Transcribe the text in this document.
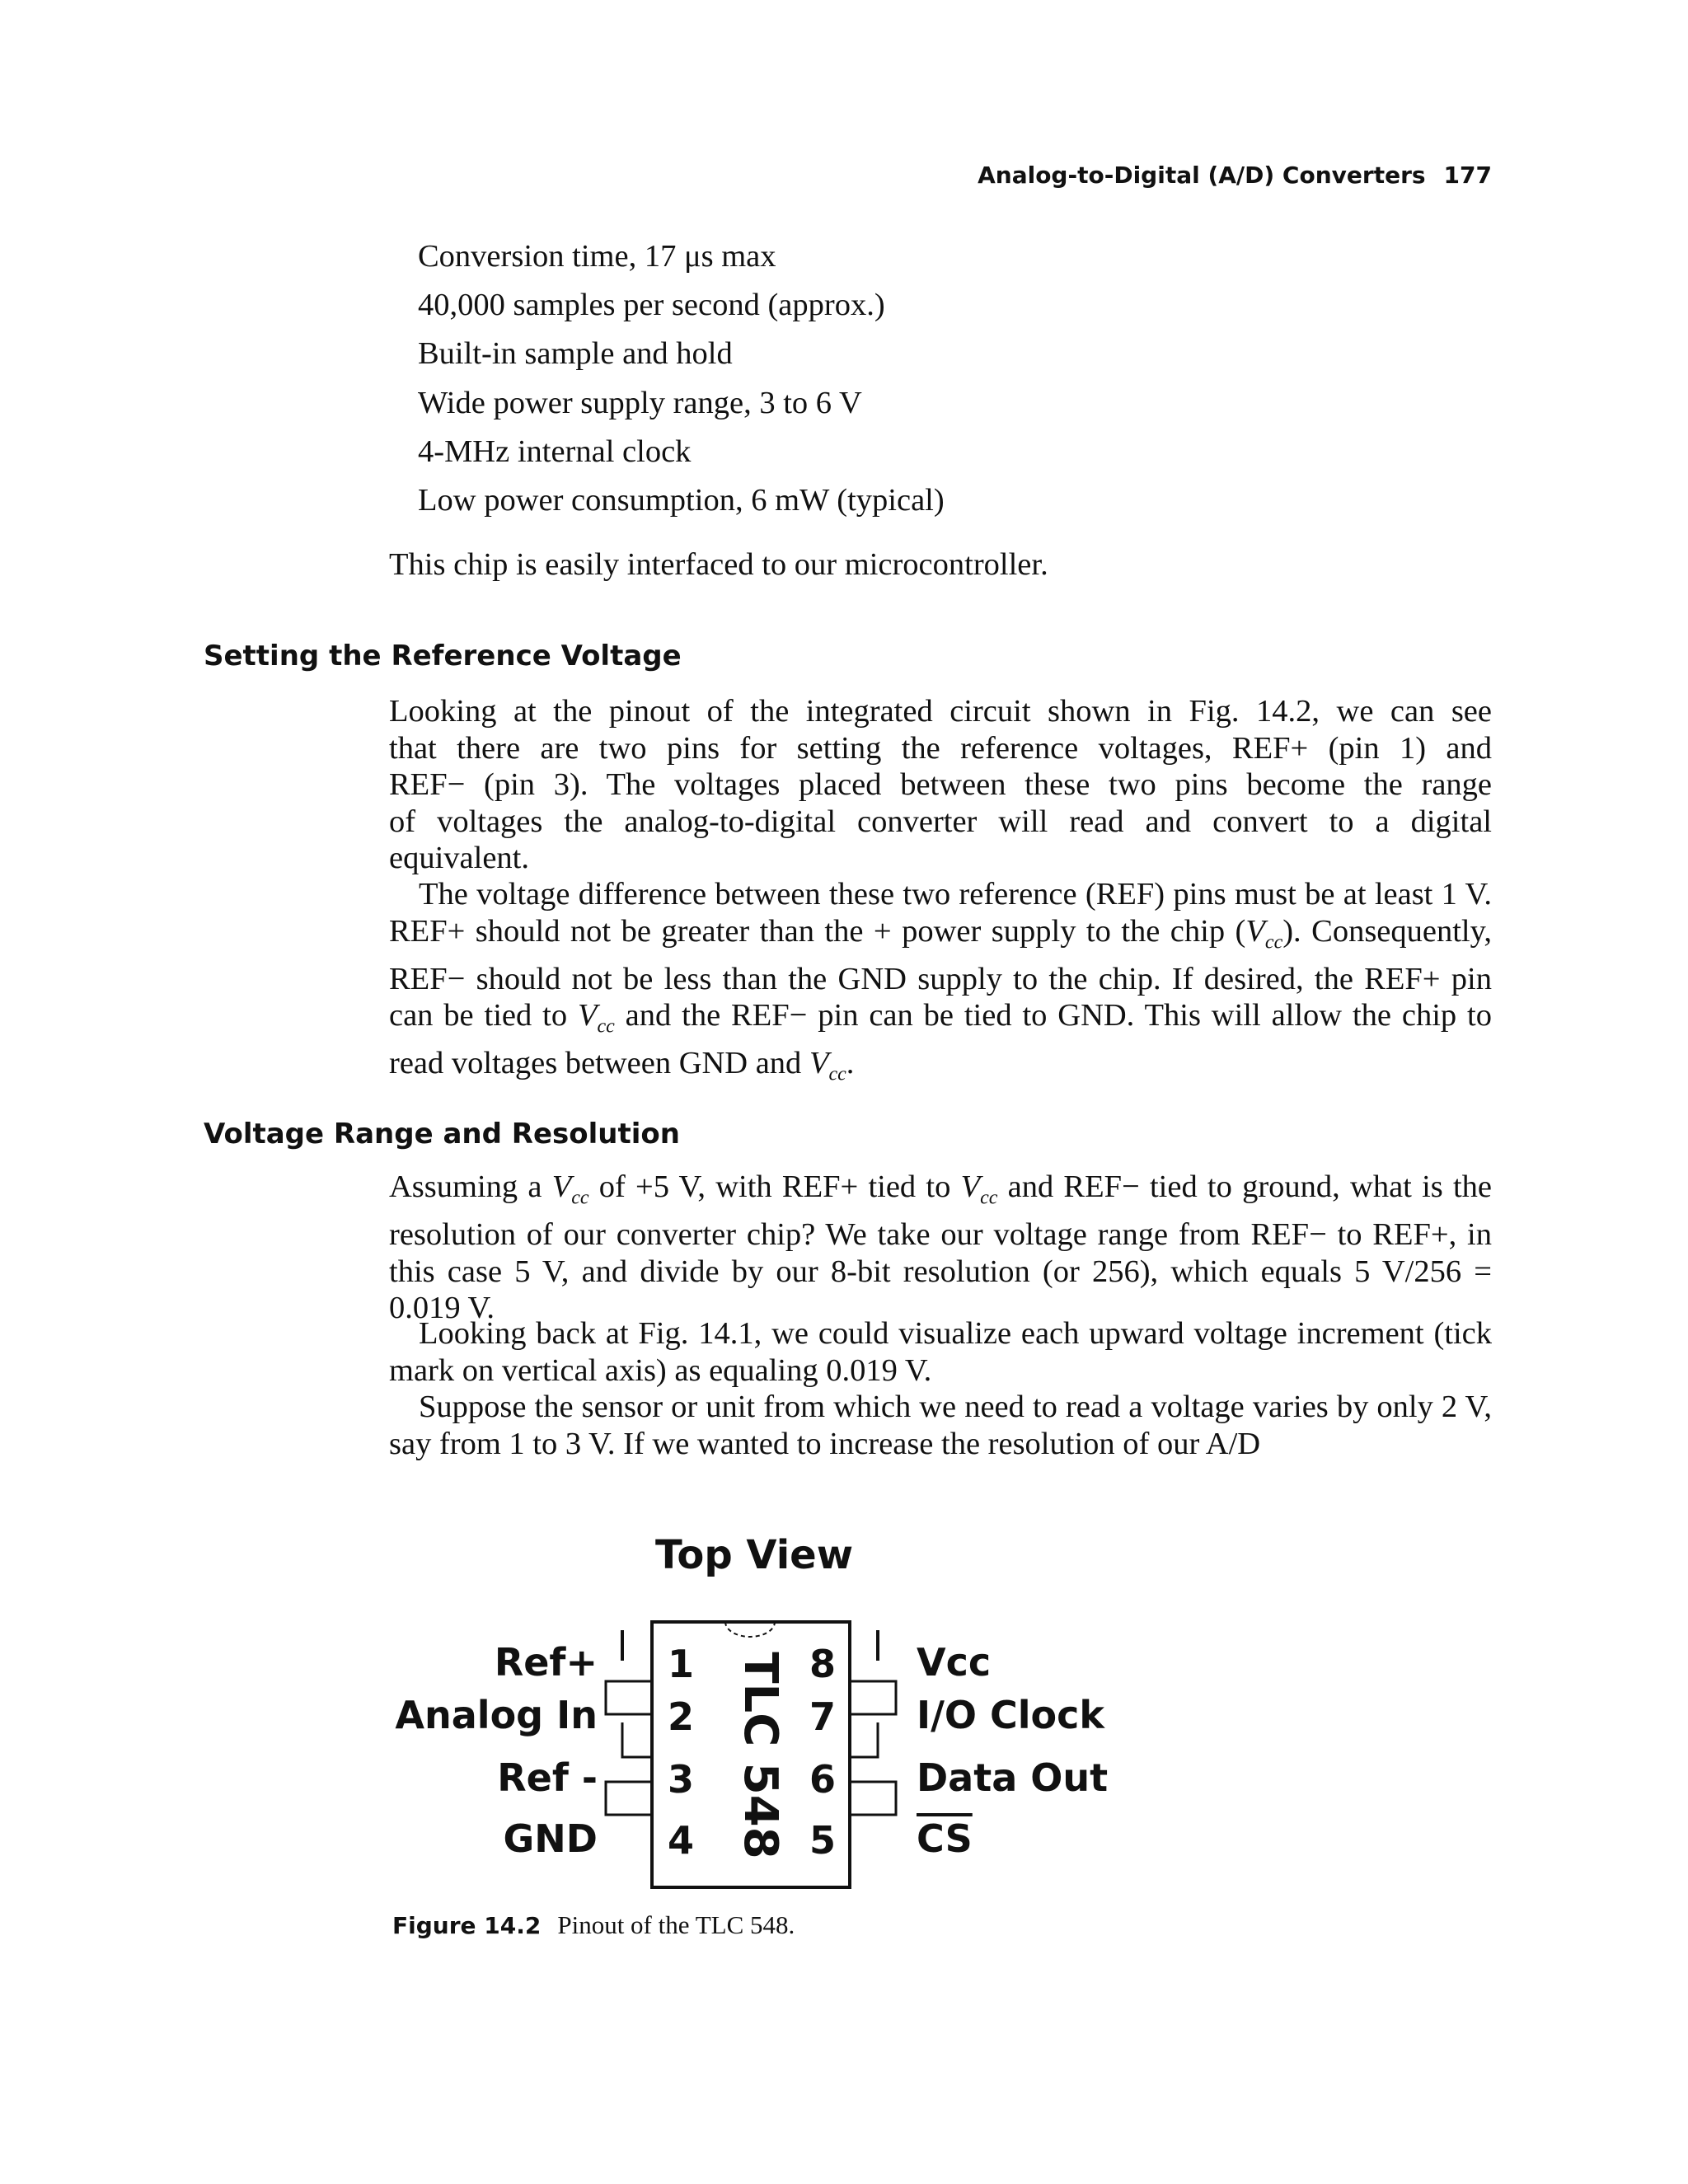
Analog-to-Digital (A/D) Converters 177
Conversion time, 17 μs max
40,000 samples per second (approx.)
Built-in sample and hold
Wide power supply range, 3 to 6 V
4-MHz internal clock
Low power consumption, 6 mW (typical)
This chip is easily interfaced to our microcontroller.
Setting the Reference Voltage
Looking at the pinout of the integrated circuit shown in Fig. 14.2, we can see
that there are two pins for setting the reference voltages, REF+ (pin 1) and
REF− (pin 3). The voltages placed between these two pins become the range
of voltages the analog-to-digital converter will read and convert to a digital
equivalent.
The voltage difference between these two reference (REF) pins must be at least 1 V. REF+ should not be greater than the + power supply to the chip $(V_{cc})$. Consequently, REF− should not be less than the GND supply to the chip. If desired, the REF+ pin can be tied to $V_{cc}$ and the REF− pin can be tied to GND. This will allow the chip to read voltages between GND and $V_{cc}$.
Voltage Range and Resolution
Assuming a $V_{cc}$ of +5 V, with REF+ tied to $V_{cc}$ and REF− tied to ground, what is the resolution of our converter chip? We take our voltage range from REF− to REF+, in this case 5 V, and divide by our 8-bit resolution (or 256), which equals 5 V/256 = 0.019 V.
Looking back at Fig. 14.1, we could visualize each upward voltage increment (tick mark on vertical axis) as equaling 0.019 V.
Suppose the sensor or unit from which we need to read a voltage varies by only 2 V, say from 1 to 3 V. If we wanted to increase the resolution of our A/D
Top View
TLC 548
1
2
3
4
8
7
6
5
Ref+
Analog In
Ref -
GND
Vcc
I/O Clock
Data Out
$\overline{CS}$
Figure 14.2 Pinout of the TLC 548.
